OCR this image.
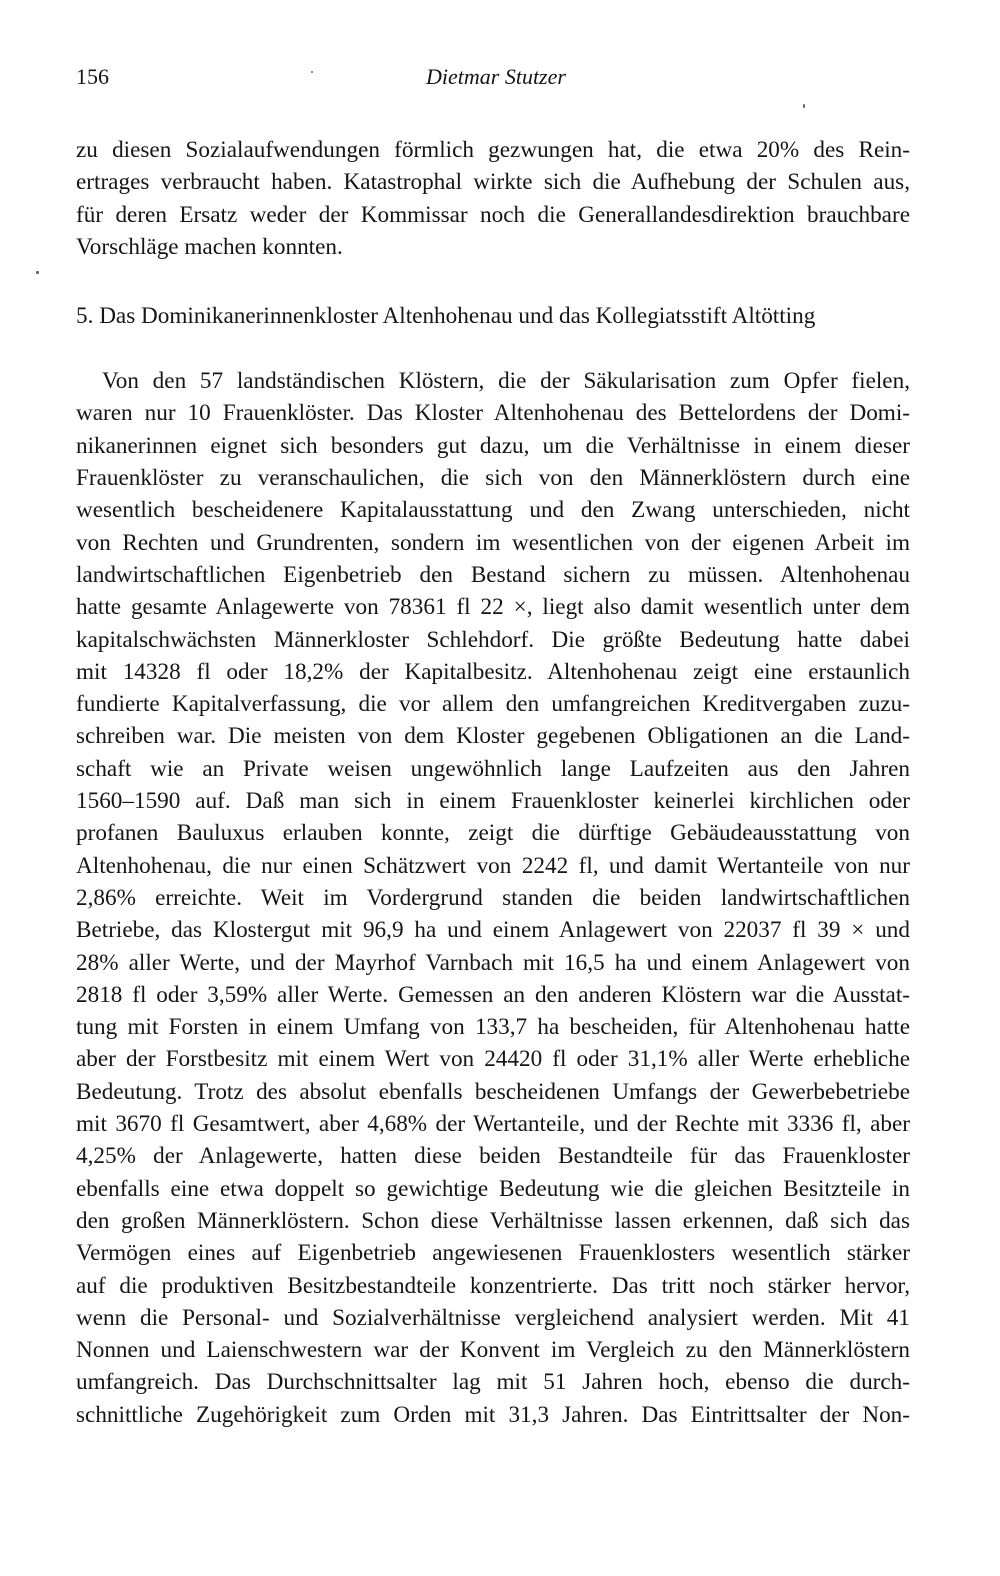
156	Dietmar Stutzer
zu diesen Sozialaufwendungen förmlich gezwungen hat, die etwa 20% des Rein-
ertrages verbraucht haben. Katastrophal wirkte sich die Aufhebung der Schulen aus,
für deren Ersatz weder der Kommissar noch die Generallandesdirektion brauchbare
Vorschläge machen konnten.
5. Das Dominikanerinnenkloster Altenhohenau und das Kollegiatsstift Altötting
Von den 57 landständischen Klöstern, die der Säkularisation zum Opfer fielen,
waren nur 10 Frauenklöster. Das Kloster Altenhohenau des Bettelordens der Domi-
nikanerinnen eignet sich besonders gut dazu, um die Verhältnisse in einem dieser
Frauenklöster zu veranschaulichen, die sich von den Männerklöstern durch eine
wesentlich bescheidenere Kapitalausstattung und den Zwang unterschieden, nicht
von Rechten und Grundrenten, sondern im wesentlichen von der eigenen Arbeit im
landwirtschaftlichen Eigenbetrieb den Bestand sichern zu müssen. Altenhohenau
hatte gesamte Anlagewerte von 78361 fl 22 ×, liegt also damit wesentlich unter dem
kapitalschwächsten Männerkloster Schlehdorf. Die größte Bedeutung hatte dabei
mit 14328 fl oder 18,2% der Kapitalbesitz. Altenhohenau zeigt eine erstaunlich
fundierte Kapitalverfassung, die vor allem den umfangreichen Kreditvergaben zuzu-
schreiben war. Die meisten von dem Kloster gegebenen Obligationen an die Land-
schaft wie an Private weisen ungewöhnlich lange Laufzeiten aus den Jahren
1560–1590 auf. Daß man sich in einem Frauenkloster keinerlei kirchlichen oder
profanen Bauluxus erlauben konnte, zeigt die dürftige Gebäudeausstattung von
Altenhohenau, die nur einen Schätzwert von 2242 fl, und damit Wertanteile von nur
2,86% erreichte. Weit im Vordergrund standen die beiden landwirtschaftlichen
Betriebe, das Klostergut mit 96,9 ha und einem Anlagewert von 22037 fl 39 × und
28% aller Werte, und der Mayrhof Varnbach mit 16,5 ha und einem Anlagewert von
2818 fl oder 3,59% aller Werte. Gemessen an den anderen Klöstern war die Ausstat-
tung mit Forsten in einem Umfang von 133,7 ha bescheiden, für Altenhohenau hatte
aber der Forstbesitz mit einem Wert von 24420 fl oder 31,1% aller Werte erhebliche
Bedeutung. Trotz des absolut ebenfalls bescheidenen Umfangs der Gewerbebetriebe
mit 3670 fl Gesamtwert, aber 4,68% der Wertanteile, und der Rechte mit 3336 fl, aber
4,25% der Anlagewerte, hatten diese beiden Bestandteile für das Frauenkloster
ebenfalls eine etwa doppelt so gewichtige Bedeutung wie die gleichen Besitzteile in
den großen Männerklöstern. Schon diese Verhältnisse lassen erkennen, daß sich das
Vermögen eines auf Eigenbetrieb angewiesenen Frauenklosters wesentlich stärker
auf die produktiven Besitzbestandteile konzentrierte. Das tritt noch stärker hervor,
wenn die Personal- und Sozialverhältnisse vergleichend analysiert werden. Mit 41
Nonnen und Laienschwestern war der Konvent im Vergleich zu den Männerklöstern
umfangreich. Das Durchschnittsalter lag mit 51 Jahren hoch, ebenso die durch-
schnittliche Zugehörigkeit zum Orden mit 31,3 Jahren. Das Eintrittsalter der Non-
